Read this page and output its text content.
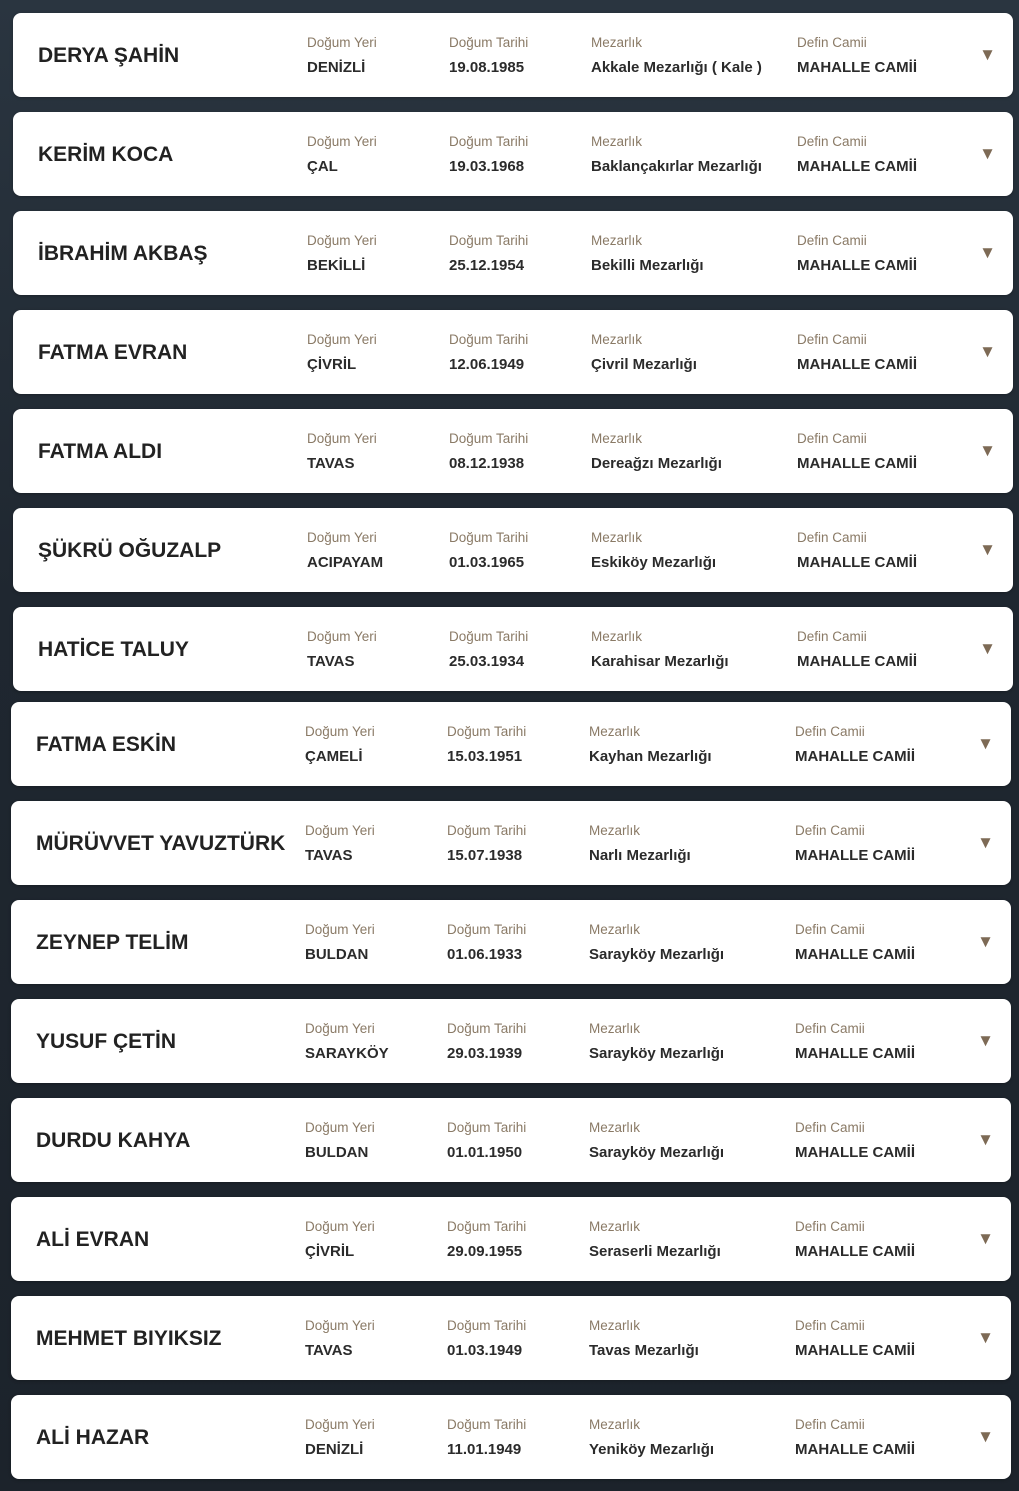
DERYA ŞAHİN
Doğum Yeri
DENİZLİ
Doğum Tarihi
19.08.1985
Mezarlık
Akkale Mezarlığı ( Kale )
Defin Camii
MAHALLE CAMİİ
▼
KERİM KOCA
Doğum Yeri
ÇAL
Doğum Tarihi
19.03.1968
Mezarlık
Baklançakırlar Mezarlığı
Defin Camii
MAHALLE CAMİİ
▼
İBRAHİM AKBAŞ
Doğum Yeri
BEKİLLİ
Doğum Tarihi
25.12.1954
Mezarlık
Bekilli Mezarlığı
Defin Camii
MAHALLE CAMİİ
▼
FATMA EVRAN
Doğum Yeri
ÇİVRİL
Doğum Tarihi
12.06.1949
Mezarlık
Çivril Mezarlığı
Defin Camii
MAHALLE CAMİİ
▼
FATMA ALDI
Doğum Yeri
TAVAS
Doğum Tarihi
08.12.1938
Mezarlık
Dereağzı Mezarlığı
Defin Camii
MAHALLE CAMİİ
▼
ŞÜKRÜ OĞUZALP
Doğum Yeri
ACIPAYAM
Doğum Tarihi
01.03.1965
Mezarlık
Eskiköy Mezarlığı
Defin Camii
MAHALLE CAMİİ
▼
HATİCE TALUY
Doğum Yeri
TAVAS
Doğum Tarihi
25.03.1934
Mezarlık
Karahisar Mezarlığı
Defin Camii
MAHALLE CAMİİ
▼
FATMA ESKİN
Doğum Yeri
ÇAMELİ
Doğum Tarihi
15.03.1951
Mezarlık
Kayhan Mezarlığı
Defin Camii
MAHALLE CAMİİ
▼
MÜRÜVVET YAVUZTÜRK
Doğum Yeri
TAVAS
Doğum Tarihi
15.07.1938
Mezarlık
Narlı Mezarlığı
Defin Camii
MAHALLE CAMİİ
▼
ZEYNEP TELİM
Doğum Yeri
BULDAN
Doğum Tarihi
01.06.1933
Mezarlık
Sarayköy Mezarlığı
Defin Camii
MAHALLE CAMİİ
▼
YUSUF ÇETİN
Doğum Yeri
SARAYKÖY
Doğum Tarihi
29.03.1939
Mezarlık
Sarayköy Mezarlığı
Defin Camii
MAHALLE CAMİİ
▼
DURDU KAHYA
Doğum Yeri
BULDAN
Doğum Tarihi
01.01.1950
Mezarlık
Sarayköy Mezarlığı
Defin Camii
MAHALLE CAMİİ
▼
ALİ EVRAN
Doğum Yeri
ÇİVRİL
Doğum Tarihi
29.09.1955
Mezarlık
Seraserli Mezarlığı
Defin Camii
MAHALLE CAMİİ
▼
MEHMET BIYIKSIZ
Doğum Yeri
TAVAS
Doğum Tarihi
01.03.1949
Mezarlık
Tavas Mezarlığı
Defin Camii
MAHALLE CAMİİ
▼
ALİ HAZAR
Doğum Yeri
DENİZLİ
Doğum Tarihi
11.01.1949
Mezarlık
Yeniköy Mezarlığı
Defin Camii
MAHALLE CAMİİ
▼
